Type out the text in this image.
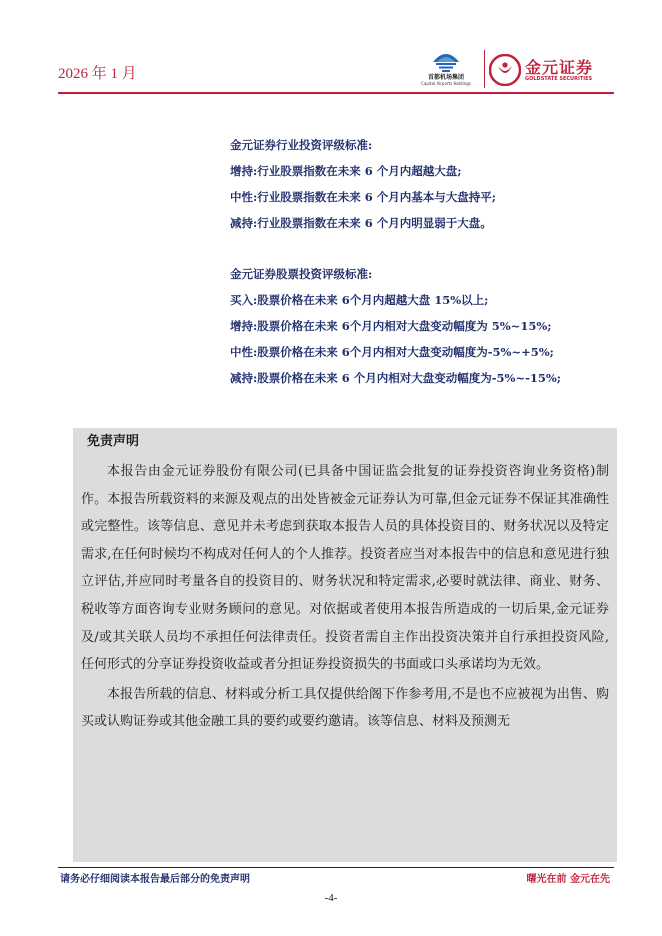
2026 年 1 月	首都机场集团
Capital Airports Holdings
金元证券
GOLDSTATE SECURITIES
金元证券行业投资评级标准:
增持:行业股票指数在未来 6 个月内超越大盘;
中性:行业股票指数在未来 6 个月内基本与大盘持平;
减持:行业股票指数在未来 6 个月内明显弱于大盘。
金元证券股票投资评级标准:
买入:股票价格在未来 6个月内超越大盘 15%以上;
增持:股票价格在未来 6个月内相对大盘变动幅度为 5%~15%;
中性:股票价格在未来 6个月内相对大盘变动幅度为-5%~+5%;
减持:股票价格在未来 6 个月内相对大盘变动幅度为-5%~-15%;
免责声明

本报告由金元证券股份有限公司(已具备中国证监会批复的证券投资咨询业务资格)制作。本报告所载资料的来源及观点的出处皆被金元证券认为可靠,但金元证券不保证其准确性或完整性。该等信息、意见并未考虑到获取本报告人员的具体投资目的、财务状况以及特定需求,在任何时候均不构成对任何人的个人推荐。投资者应当对本报告中的信息和意见进行独立评估,并应同时考量各自的投资目的、财务状况和特定需求,必要时就法律、商业、财务、税收等方面咨询专业财务顾问的意见。对依据或者使用本报告所造成的一切后果,金元证券及/或其关联人员均不承担任何法律责任。投资者需自主作出投资决策并自行承担投资风险,任何形式的分享证券投资收益或者分担证券投资损失的书面或口头承诺均为无效。

本报告所载的信息、材料或分析工具仅提供给阁下作参考用,不是也不应被视为出售、购买或认购证券或其他金融工具的要约或要约邀请。该等信息、材料及预测无

请务必仔细阅读本报告最后部分的免责声明	曙光在前 金元在先
-4-
